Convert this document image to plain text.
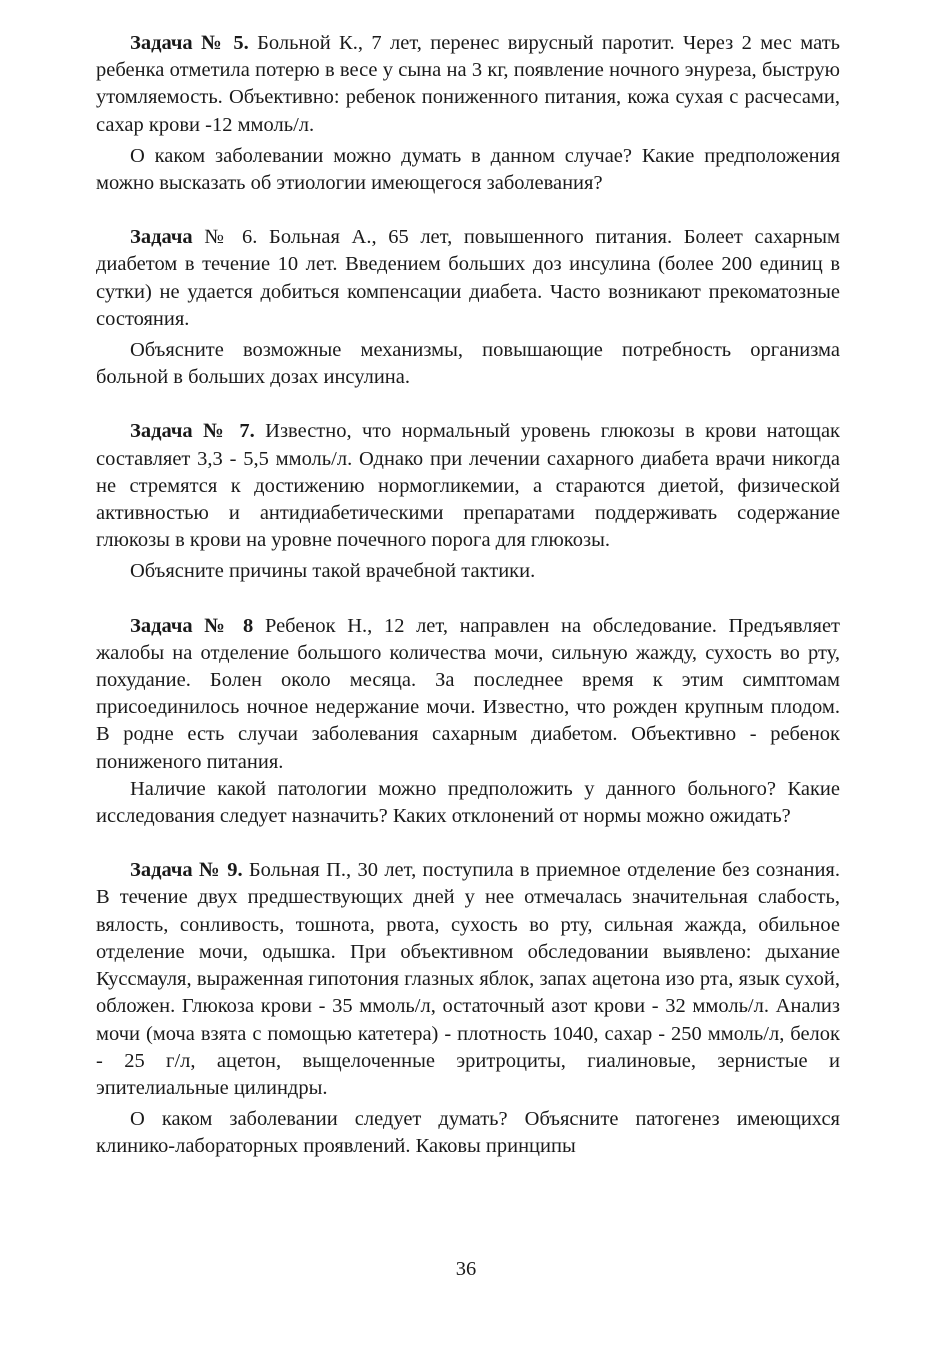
Задача № 5. Больной К., 7 лет, перенес вирусный паротит. Через 2 мес мать ребенка отметила потерю в весе у сына на 3 кг, появление ночного энуреза, быструю утомляемость. Объективно: ребенок пониженного питания, кожа сухая с расчесами, сахар крови -12 ммоль/л.

О каком заболевании можно думать в данном случае? Какие предположения можно высказать об этиологии имеющегося заболевания?

Задача № 6. Больная А., 65 лет, повышенного питания. Болеет сахарным диабетом в течение 10 лет. Введением больших доз инсулина (более 200 единиц в сутки) не удается добиться компенсации диабета. Часто возникают прекоматозные состояния.

Объясните возможные механизмы, повышающие потребность организма больной в больших дозах инсулина.

Задача № 7. Известно, что нормальный уровень глюкозы в крови натощак составляет 3,3 - 5,5 ммоль/л. Однако при лечении сахарного диабета врачи никогда не стремятся к достижению нормогликемии, а стараются диетой, физической активностью и антидиабетическими препаратами поддерживать содержание глюкозы в крови на уровне почечного порога для глюкозы.

Объясните причины такой врачебной тактики.

Задача № 8 Ребенок Н., 12 лет, направлен на обследование. Предъявляет жалобы на отделение большого количества мочи, сильную жажду, сухость во рту, похудание. Болен около месяца. За последнее время к этим симптомам присоединилось ночное недержание мочи. Известно, что рожден крупным плодом. В родне есть случаи заболевания сахарным диабетом. Объективно - ребенок пониженого питания.

Наличие какой патологии можно предположить у данного больного? Какие исследования следует назначить? Каких отклонений от нормы можно ожидать?

Задача № 9. Больная П., 30 лет, поступила в приемное отделение без сознания. В течение двух предшествующих дней у нее отмечалась значительная слабость, вялость, сонливость, тошнота, рвота, сухость во рту, сильная жажда, обильное отделение мочи, одышка. При объективном обследовании выявлено: дыхание Куссмауля, выраженная гипотония глазных яблок, запах ацетона изо рта, язык сухой, обложен. Глюкоза крови - 35 ммоль/л, остаточный азот крови - 32 ммоль/л. Анализ мочи (моча взята с помощью катетера) - плотность 1040, сахар - 250 ммоль/л, белок - 25 г/л, ацетон, выщелоченные эритроциты, гиалиновые, зернистые и эпителиальные цилиндры.

О каком заболевании следует думать? Объясните патогенез имеющихся клинико-лабораторных проявлений. Каковы принципы

36
